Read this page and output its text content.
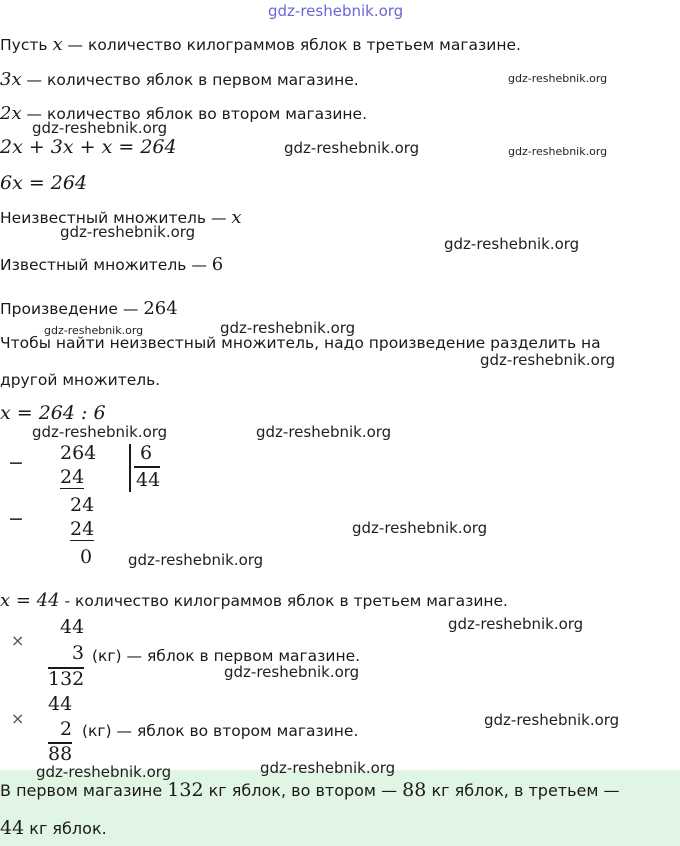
gdz-reshebnik.org
Пусть x — количество килограммов яблок в третьем магазине.
3x — количество яблок в первом магазине.
2x — количество яблок во втором магазине.
2x + 3x + x = 264
6x = 264
Неизвестный множитель — x
Известный множитель — 6
Произведение — 264
Чтобы найти неизвестный множитель, надо произведение разделить на
другой множитель.
x = 264 : 6
− 264
24
6
44
−
24
24
0
x = 44 - количество килограммов яблок в третьем магазине.
×
44
3
132
(кг) — яблок в первом магазине.
×
44
2
88
(кг) — яблок во втором магазине.
В первом магазине 132 кг яблок, во втором — 88 кг яблок, в третьем —
44 кг яблок.
gdz-reshebnik.org
gdz-reshebnik.org
gdz-reshebnik.org	gdz-reshebnik.org
gdz-reshebnik.org
gdz-reshebnik.org
gdz-reshebnik.org	gdz-reshebnik.org
gdz-reshebnik.org
gdz-reshebnik.org	gdz-reshebnik.org
gdz-reshebnik.org
gdz-reshebnik.org
gdz-reshebnik.org
gdz-reshebnik.org
gdz-reshebnik.org
gdz-reshebnik.org	gdz-reshebnik.org
